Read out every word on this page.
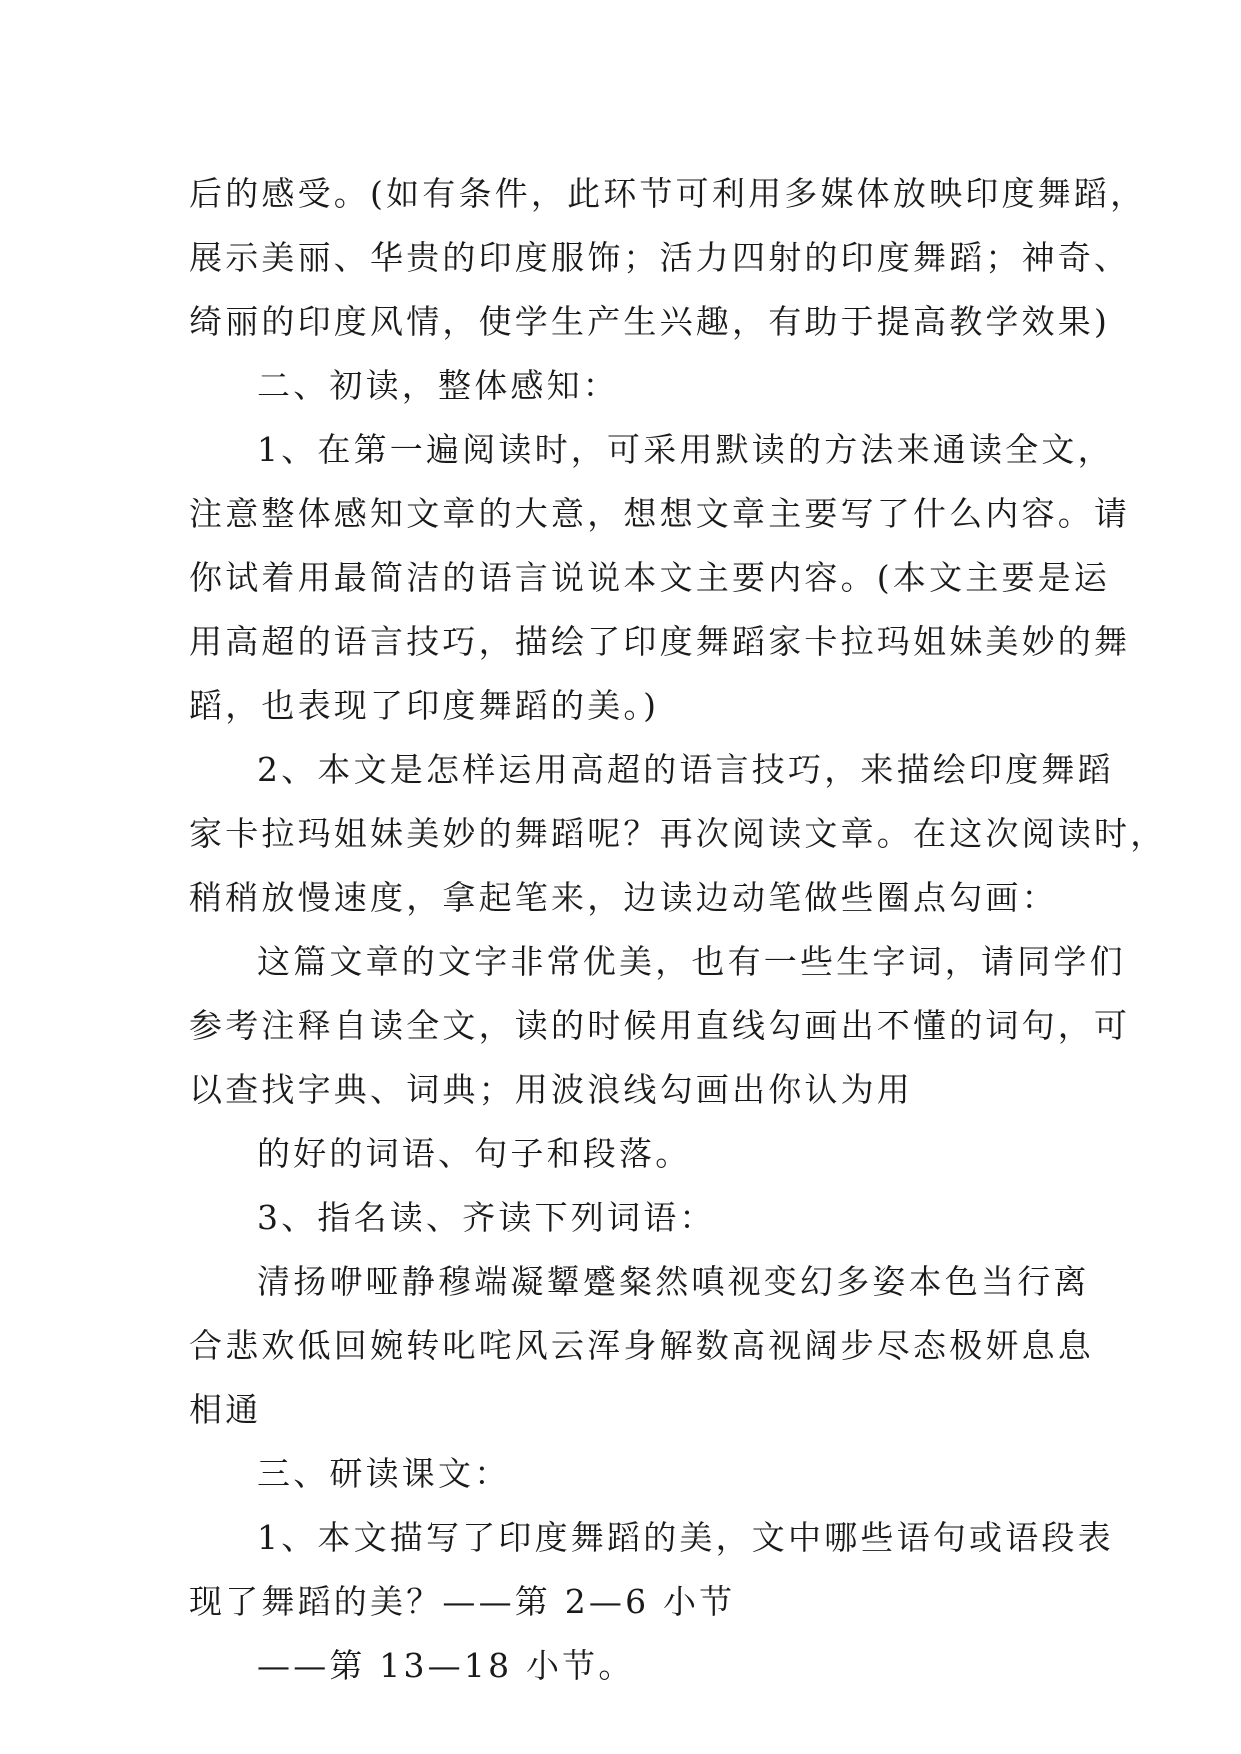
后的感受。(如有条件，此环节可利用多媒体放映印度舞蹈，
展示美丽、华贵的印度服饰；活力四射的印度舞蹈；神奇、
绮丽的印度风情，使学生产生兴趣，有助于提高教学效果)

二、初读，整体感知：

1、在第一遍阅读时，可采用默读的方法来通读全文，
注意整体感知文章的大意，想想文章主要写了什么内容。请
你试着用最简洁的语言说说本文主要内容。(本文主要是运
用高超的语言技巧，描绘了印度舞蹈家卡拉玛姐妹美妙的舞
蹈，也表现了印度舞蹈的美。)

2、本文是怎样运用高超的语言技巧，来描绘印度舞蹈
家卡拉玛姐妹美妙的舞蹈呢？再次阅读文章。在这次阅读时，
稍稍放慢速度，拿起笔来，边读边动笔做些圈点勾画：

这篇文章的文字非常优美，也有一些生字词，请同学们
参考注释自读全文，读的时候用直线勾画出不懂的词句，可
以查找字典、词典；用波浪线勾画出你认为用

的好的词语、句子和段落。

3、指名读、齐读下列词语：

清扬咿哑静穆端凝颦蹙粲然嗔视变幻多姿本色当行离
合悲欢低回婉转叱咤风云浑身解数高视阔步尽态极妍息息
相通

三、研读课文：

1、本文描写了印度舞蹈的美，文中哪些语句或语段表
现了舞蹈的美？——第 2—6 小节

——第 13—18 小节。
